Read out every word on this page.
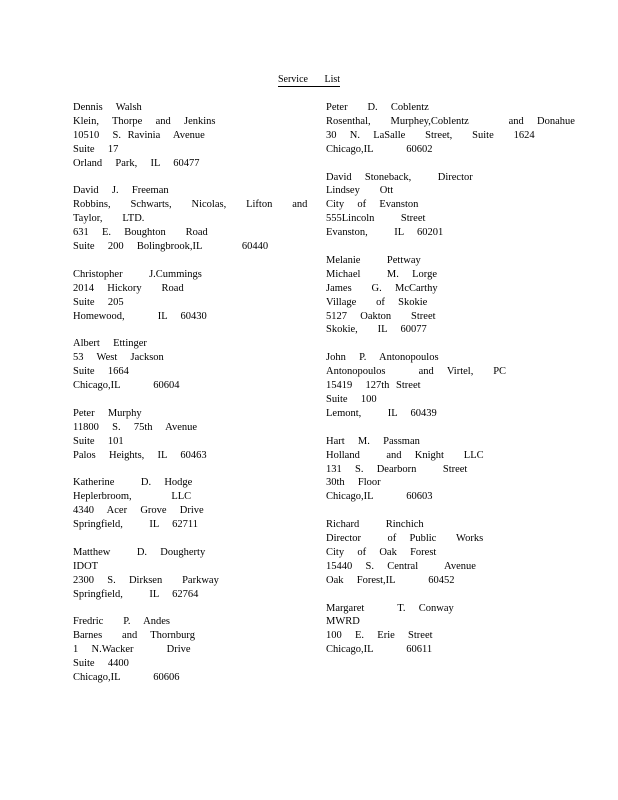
Service List
Dennis  Walsh
Klein,  Thorpe  and  Jenkins
10510  S. Ravinia  Avenue
Suite  17
Orland  Park,  IL  60477
David  J.  Freeman
Robbins,   Schwarts,   Nicolas,   Lifton   and
Taylor,   LTD.
631  E.  Boughton   Road
Suite  200  Bolingbrook,IL      60440
Christopher    J.Cummings
2014  Hickory   Road
Suite  205
Homewood,     IL  60430
Albert  Ettinger
53  West  Jackson
Suite  1664
Chicago,IL     60604
Peter  Murphy
11800  S.  75th  Avenue
Suite  101
Palos  Heights,  IL  60463
Katherine    D.  Hodge
Heplerbroom,      LLC
4340  Acer  Grove  Drive
Springfield,    IL  62711
Matthew    D.  Dougherty
IDOT
2300  S.  Dirksen   Parkway
Springfield,    IL  62764
Fredric   P.  Andes
Barnes   and  Thornburg
1  N.Wacker     Drive
Suite  4400
Chicago,IL     60606
Peter   D.  Coblentz
Rosenthal,   Murphey,Coblentz      and  Donahue
30  N.  LaSalle   Street,   Suite   1624
Chicago,IL     60602
David  Stoneback,    Director
Lindsey   Ott
City  of  Evanston
555Lincoln    Street
Evanston,    IL  60201
Melanie    Pettway
Michael    M.  Lorge
James   G.  McCarthy
Village   of  Skokie
5127  Oakton   Street
Skokie,   IL  60077
John  P.  Antonopoulos
Antonopoulos     and  Virtel,   PC
15419  127th Street
Suite  100
Lemont,    IL  60439
Hart  M.  Passman
Holland    and  Knight   LLC
131  S.  Dearborn    Street
30th  Floor
Chicago,IL     60603
Richard    Rinchich
Director    of  Public   Works
City  of  Oak  Forest
15440  S.  Central    Avenue
Oak  Forest,IL     60452
Margaret     T.  Conway
MWRD
100  E.  Erie  Street
Chicago,IL     60611
